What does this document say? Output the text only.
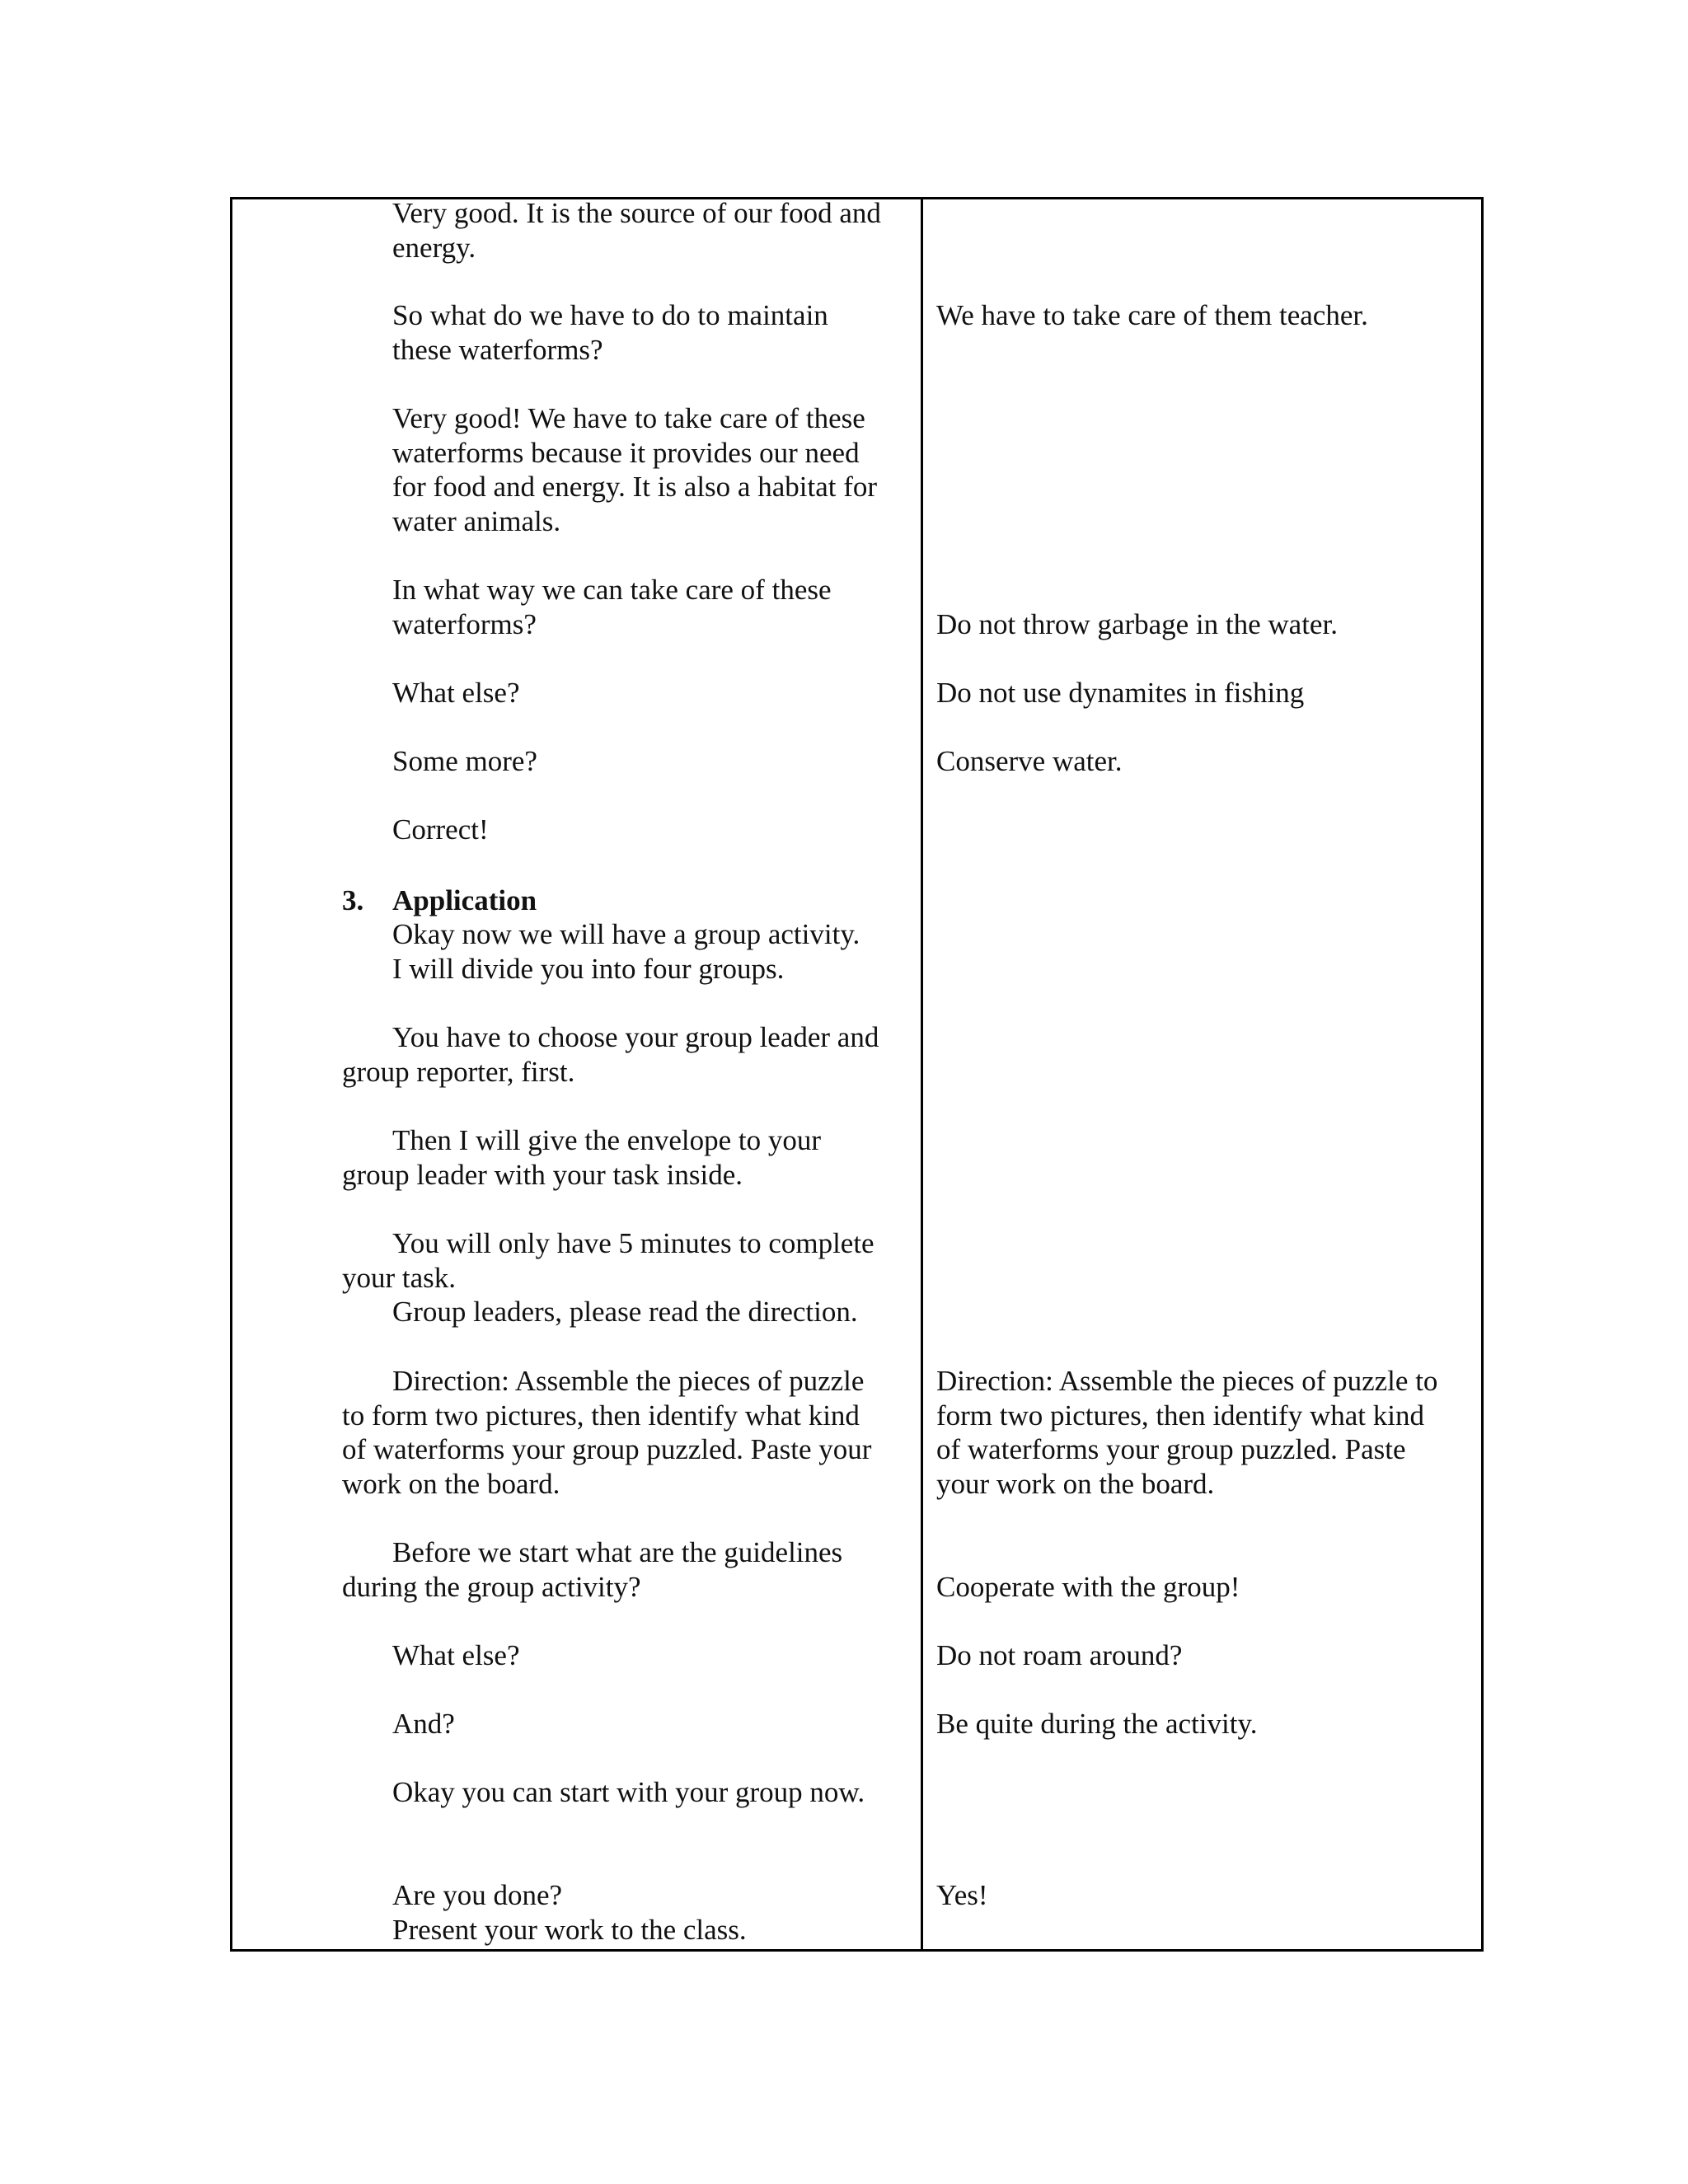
Very good. It is the source of our food and
energy.
So what do we have to do to maintain
these waterforms?
Very good! We have to take care of these
waterforms because it provides our need
for food and energy. It is also a habitat for
water animals.
In what way we can take care of these
waterforms?
What else?
Some more?
Correct!
3. Application
Okay now we will have a group activity.
I will divide you into four groups.
You have to choose your group leader and
group reporter, first.
Then I will give the envelope to your
group leader with your task inside.
You will only have 5 minutes to complete
your task.
Group leaders, please read the direction.
Direction: Assemble the pieces of puzzle
to form two pictures, then identify what kind
of waterforms your group puzzled. Paste your
work on the board.
Before we start what are the guidelines
during the group activity?
What else?
And?
Okay you can start with your group now.
Are you done?
Present your work to the class.
We have to take care of them teacher.
Do not throw garbage in the water.
Do not use dynamites in fishing
Conserve water.
Direction: Assemble the pieces of puzzle to
form two pictures, then identify what kind
of waterforms your group puzzled. Paste
your work on the board.
Cooperate with the group!
Do not roam around?
Be quite during the activity.
Yes!
